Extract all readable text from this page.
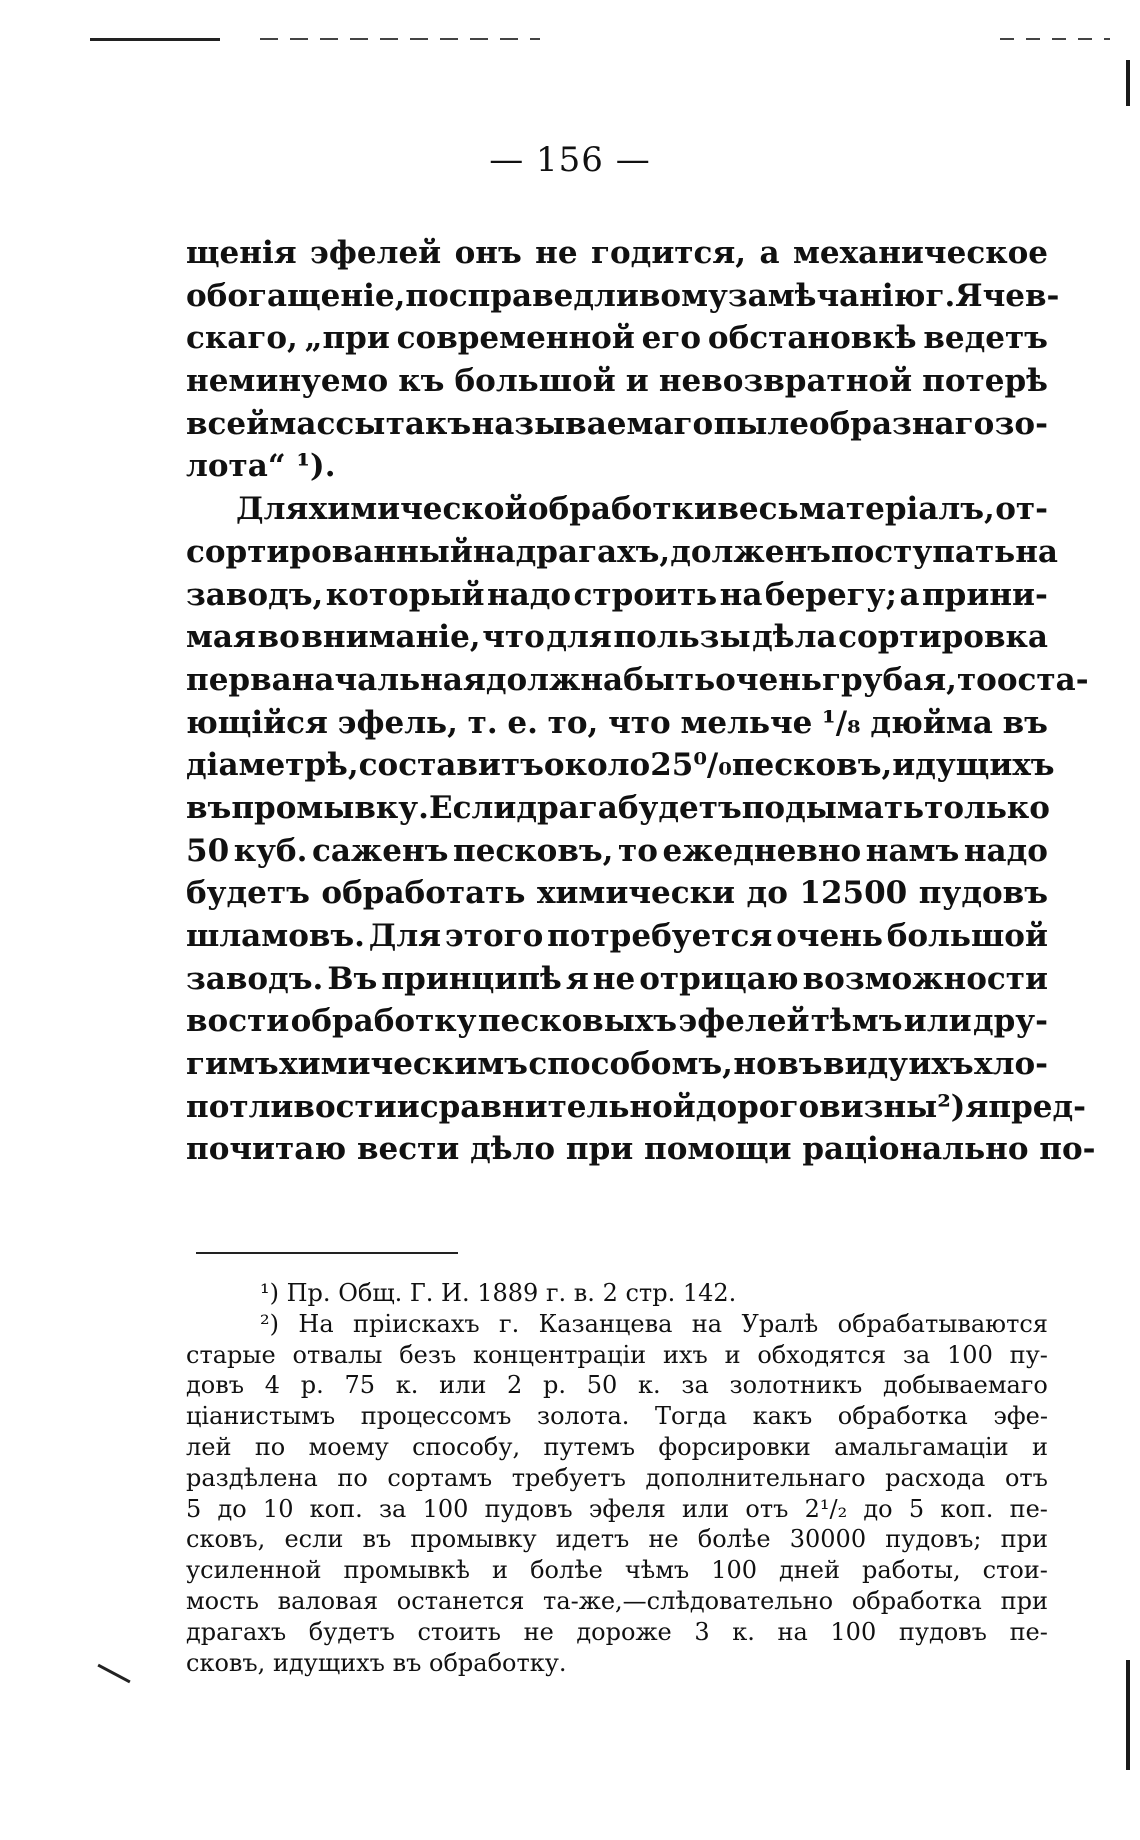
— 156 —
щенія эфелей онъ не годится, а механическое
обогащеніе, по справедливому замѣчанію г. Ячев-
скаго, „при современной его обстановкѣ ведетъ
неминуемо къ большой и невозвратной потерѣ
всей массы такъ называемаго пылеобразнаго зо-
лота“ ¹).
Для химической обработки весь матеріалъ, от-
сортированный на драгахъ, долженъ поступать на
заводъ, который надо строить на берегу; а прини-
мая во вниманіе, что для пользы дѣла сортировка
перваначальная должна быть очень грубая, то оста-
ющійся эфель, т. е. то, что мельче ¹/₈ дюйма въ
діаметрѣ, составитъ около 25⁰/₀ песковъ, идущихъ
въ промывку. Если драга будетъ подымать только
50 куб. саженъ песковъ, то ежедневно намъ надо
будетъ обработать химически до 12500 пудовъ
шламовъ. Для этого потребуется очень большой
заводъ. Въ принципѣ я не отрицаю возможности
вости обработку песковыхъ эфелей тѣмъ или дру-
гимъ химическимъ способомъ, но въ виду ихъ хло-
потливости и сравнительной дороговизны ²) я пред-
почитаю вести дѣло при помощи раціонально по-
¹) Пр. Общ. Г. И. 1889 г. в. 2 стр. 142.
²) На пріискахъ г. Казанцева на Уралѣ обрабатываются
старые отвалы безъ концентраціи ихъ и обходятся за 100 пу-
довъ 4 р. 75 к. или 2 р. 50 к. за золотникъ добываемаго
ціанистымъ процессомъ золота. Тогда какъ обработка эфе-
лей по моему способу, путемъ форсировки амальгамаціи и
раздѣлена по сортамъ требуетъ дополнительнаго расхода отъ
5 до 10 коп. за 100 пудовъ эфеля или отъ 2¹/₂ до 5 коп. пе-
сковъ, если въ промывку идетъ не болѣе 30000 пудовъ; при
усиленной промывкѣ и болѣе чѣмъ 100 дней работы, стои-
мость валовая останется та-же,—слѣдовательно обработка при
драгахъ будетъ стоить не дороже 3 к. на 100 пудовъ пе-
сковъ, идущихъ въ обработку.
